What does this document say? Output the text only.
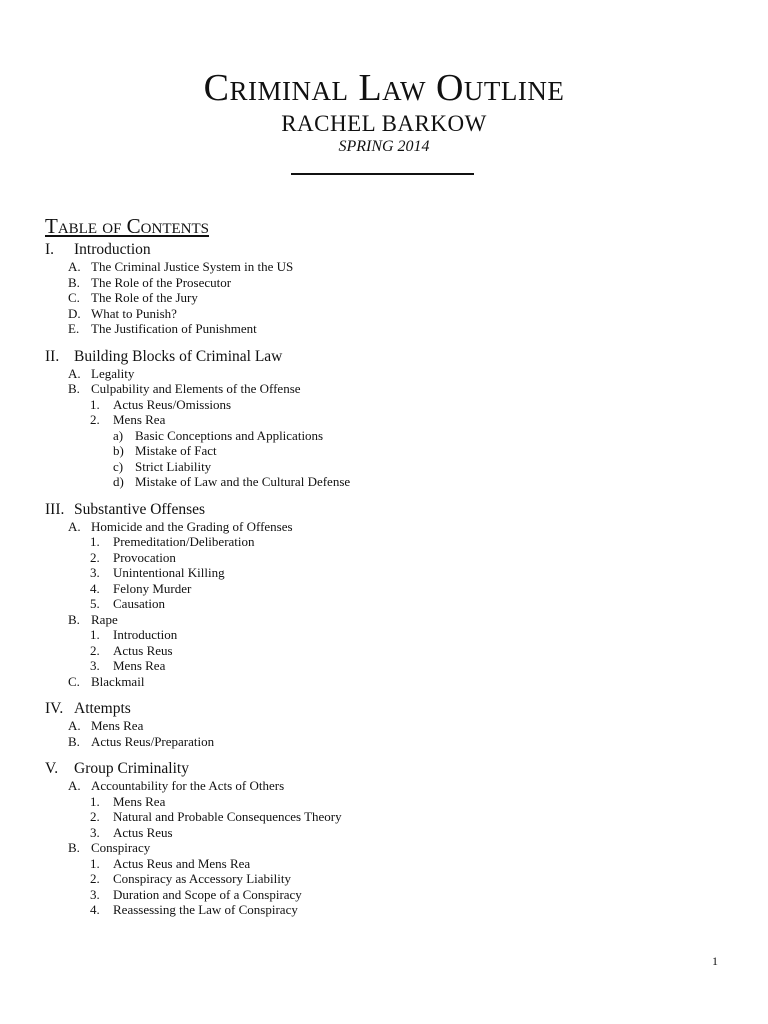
Criminal Law Outline
RACHEL BARKOW
SPRING 2014
Table of Contents
I. Introduction
A. The Criminal Justice System in the US
B. The Role of the Prosecutor
C. The Role of the Jury
D. What to Punish?
E. The Justification of Punishment
II. Building Blocks of Criminal Law
A. Legality
B. Culpability and Elements of the Offense
1. Actus Reus/Omissions
2. Mens Rea
a) Basic Conceptions and Applications
b) Mistake of Fact
c) Strict Liability
d) Mistake of Law and the Cultural Defense
III. Substantive Offenses
A. Homicide and the Grading of Offenses
1. Premeditation/Deliberation
2. Provocation
3. Unintentional Killing
4. Felony Murder
5. Causation
B. Rape
1. Introduction
2. Actus Reus
3. Mens Rea
C. Blackmail
IV. Attempts
A. Mens Rea
B. Actus Reus/Preparation
V. Group Criminality
A. Accountability for the Acts of Others
1. Mens Rea
2. Natural and Probable Consequences Theory
3. Actus Reus
B. Conspiracy
1. Actus Reus and Mens Rea
2. Conspiracy as Accessory Liability
3. Duration and Scope of a Conspiracy
4. Reassessing the Law of Conspiracy
1
